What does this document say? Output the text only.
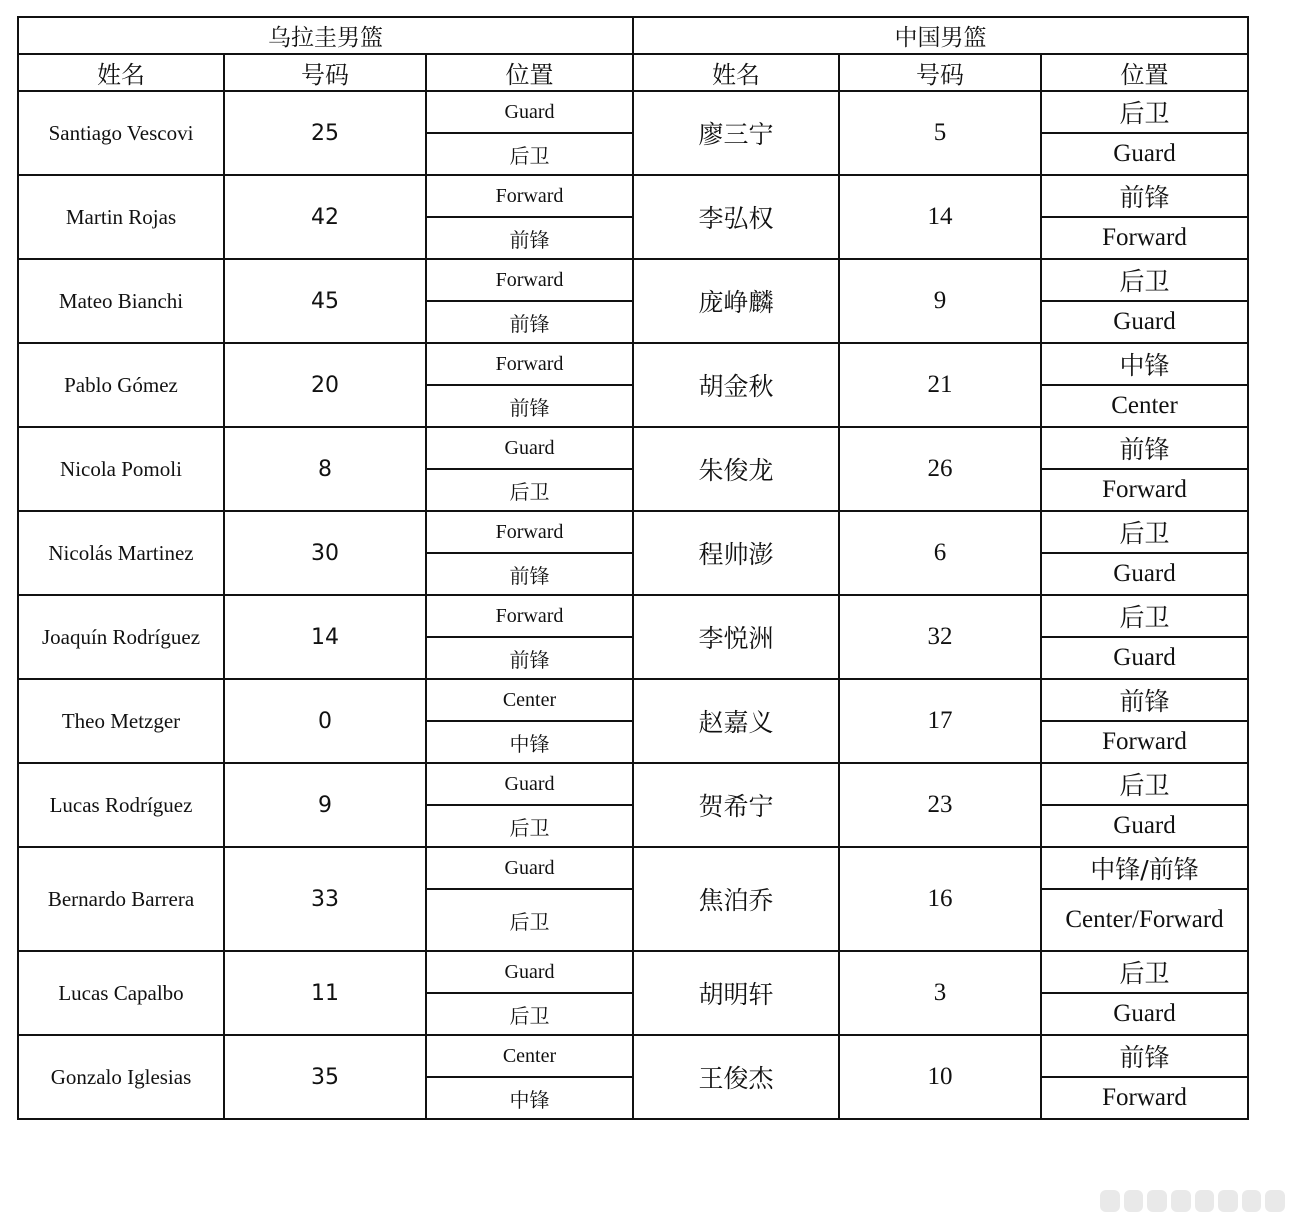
乌拉圭男篮			中国男篮		
姓名	号码	位置	姓名	号码	位置
Santiago Vescovi	25	Guard	廖三宁	5	后卫
		后卫			Guard
Martin Rojas	42	Forward	李弘权	14	前锋
		前锋			Forward
Mateo Bianchi	45	Forward	庞峥麟	9	后卫
		前锋			Guard
Pablo Gómez	20	Forward	胡金秋	21	中锋
		前锋			Center
Nicola Pomoli	8	Guard	朱俊龙	26	前锋
		后卫			Forward
Nicolás Martinez	30	Forward	程帅澎	6	后卫
		前锋			Guard
Joaquín Rodríguez	14	Forward	李悦洲	32	后卫
		前锋			Guard
Theo Metzger	0	Center	赵嘉义	17	前锋
		中锋			Forward
Lucas Rodríguez	9	Guard	贺希宁	23	后卫
		后卫			Guard
Bernardo Barrera	33	Guard	焦泊乔	16	中锋/前锋
		后卫			Center/Forward
Lucas Capalbo	11	Guard	胡明轩	3	后卫
		后卫			Guard
Gonzalo Iglesias	35	Center	王俊杰	10	前锋
		中锋			Forward
